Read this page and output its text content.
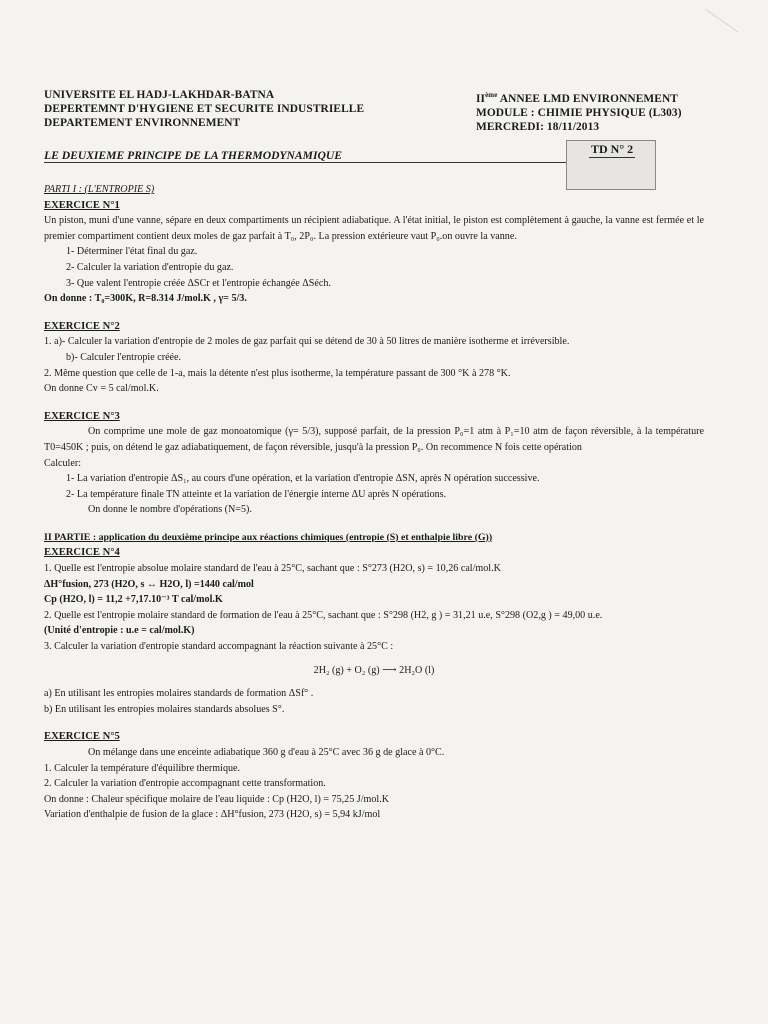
UNIVERSITE EL HADJ-LAKHDAR-BATNA
DEPERTEMNT D'HYGIENE ET SECURITE INDUSTRIELLE
DEPARTEMENT ENVIRONNEMENT
IIème ANNEE LMD ENVIRONNEMENT
MODULE : CHIMIE PHYSIQUE (L303)
MERCREDI: 18/11/2013
LE DEUXIEME PRINCIPE DE LA THERMODYNAMIQUE	TD N° 2

PARTI I : (L'ENTROPIE S)

EXERCICE N°1

Un piston, muni d'une vanne, sépare en deux compartiments un récipient adiabatique. A l'état initial, le piston est complètement à gauche, la vanne est fermée et le premier compartiment contient deux moles de gaz parfait à T₀, 2P₀. La pression extérieure vaut P₀.on ouvre la vanne.

1- Déterminer l'état final du gaz.

2- Calculer la variation d'entropie du gaz.

3- Que valent l'entropie créée ΔSCr et l'entropie échangée ΔSéch.

On donne : T₀=300K, R=8.314 J/mol.K , γ= 5/3.

EXERCICE N°2

1. a)- Calculer la variation d'entropie de 2 moles de gaz parfait qui se détend de 30 à 50 litres de manière isotherme et irréversible.

b)- Calculer l'entropie créée.

2. Même question que celle de 1-a, mais la détente n'est plus isotherme, la température passant de 300 °K à 278 °K.

On donne Cv = 5 cal/mol.K.

EXERCICE N°3

On comprime une mole de gaz monoatomique (γ= 5/3), supposé parfait, de la pression P₀=1 atm à P₁=10 atm de façon réversible, à la température T0=450K ; puis, on détend le gaz adiabatiquement, de façon réversible, jusqu'à la pression P₀. On recommence N fois cette opération

Calculer:

1- La variation d'entropie ΔS₁, au cours d'une opération, et la variation d'entropie ΔSN, après N opération successive.

2- La température finale TN atteinte et la variation de l'énergie interne ΔU après N opérations.

On donne le nombre d'opérations (N=5).

II PARTIE : application du deuxième principe aux réactions chimiques (entropie (S) et enthalpie libre (G))

EXERCICE N°4

1. Quelle est l'entropie absolue molaire standard de l'eau à 25°C, sachant que : S°273 (H2O, s) = 10,26 cal/mol.K

ΔH°fusion, 273 (H2O, s ↔ H2O, l) =1440 cal/mol

Cp (H2O, l) = 11,2 +7,17.10⁻³ T cal/mol.K

2. Quelle est l'entropie molaire standard de formation de l'eau à 25°C, sachant que : S°298 (H2, g ) = 31,21 u.e, S°298 (O2,g ) = 49,00 u.e.

(Unité d'entropie : u.e = cal/mol.K)

3. Calculer la variation d'entropie standard accompagnant la réaction suivante à 25°C :

2H₂ (g) + O₂ (g) ⟶ 2H₂O (l)

a) En utilisant les entropies molaires standards de formation ΔSf° .

b) En utilisant les entropies molaires standards absolues S°.

EXERCICE N°5

On mélange dans une enceinte adiabatique 360 g d'eau à 25°C avec 36 g de glace à 0°C.

1. Calculer la température d'équilibre thermique.

2. Calculer la variation d'entropie accompagnant cette transformation.

On donne : Chaleur spécifique molaire de l'eau liquide : Cp (H2O, l) = 75,25 J/mol.K

Variation d'enthalpie de fusion de la glace : ΔH°fusion, 273 (H2O, s) = 5,94 kJ/mol
